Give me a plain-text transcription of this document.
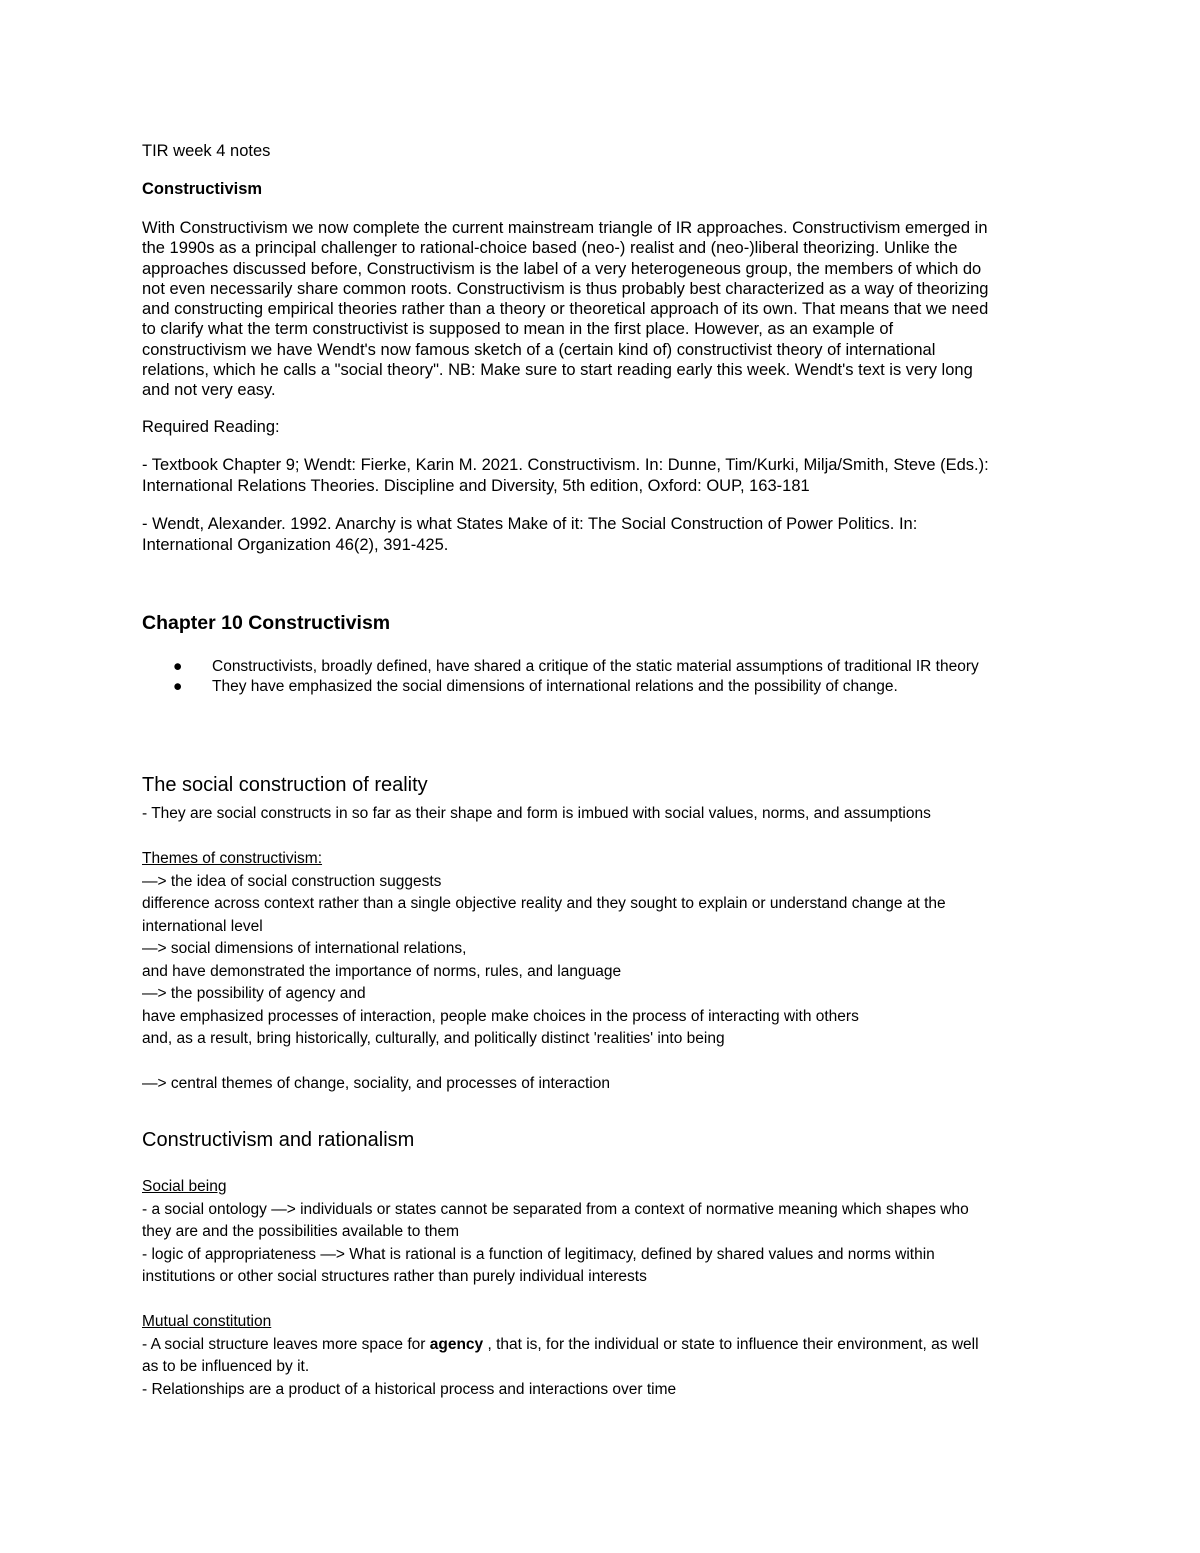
TIR week 4 notes
Constructivism
With Constructivism we now complete the current mainstream triangle of IR approaches. Constructivism emerged in
the 1990s as a principal challenger to rational-choice based (neo-) realist and (neo-)liberal theorizing. Unlike the
approaches discussed before, Constructivism is the label of a very heterogeneous group, the members of which do
not even necessarily share common roots. Constructivism is thus probably best characterized as a way of theorizing
and constructing empirical theories rather than a theory or theoretical approach of its own. That means that we need
to clarify what the term constructivist is supposed to mean in the first place. However, as an example of
constructivism we have Wendt's now famous sketch of a (certain kind of) constructivist theory of international
relations, which he calls a "social theory". NB: Make sure to start reading early this week. Wendt's text is very long
and not very easy.
Required Reading:
- Textbook Chapter 9; Wendt: Fierke, Karin M. 2021. Constructivism. In: Dunne, Tim/Kurki, Milja/Smith, Steve (Eds.):
International Relations Theories. Discipline and Diversity, 5th edition, Oxford: OUP, 163-181
- Wendt, Alexander. 1992. Anarchy is what States Make of it: The Social Construction of Power Politics. In:
International Organization 46(2), 391-425.
Chapter 10 Constructivism
● Constructivists, broadly defined, have shared a critique of the static material assumptions of traditional IR theory
● They have emphasized the social dimensions of international relations and the possibility of change.
The social construction of reality
- They are social constructs in so far as their shape and form is imbued with social values, norms, and assumptions
Themes of constructivism:
—> the idea of social construction suggests
difference across context rather than a single objective reality and they sought to explain or understand change at the
international level
—> social dimensions of international relations,
and have demonstrated the importance of norms, rules, and language
—> the possibility of agency and
have emphasized processes of interaction, people make choices in the process of interacting with others
and, as a result, bring historically, culturally, and politically distinct 'realities' into being
—> central themes of change, sociality, and processes of interaction
Constructivism and rationalism
Social being
- a social ontology —> individuals or states cannot be separated from a context of normative meaning which shapes who
they are and the possibilities available to them
- logic of appropriateness —> What is rational is a function of legitimacy, defined by shared values and norms within
institutions or other social structures rather than purely individual interests
Mutual constitution
- A social structure leaves more space for agency , that is, for the individual or state to influence their environment, as well
as to be influenced by it.
- Relationships are a product of a historical process and interactions over time
